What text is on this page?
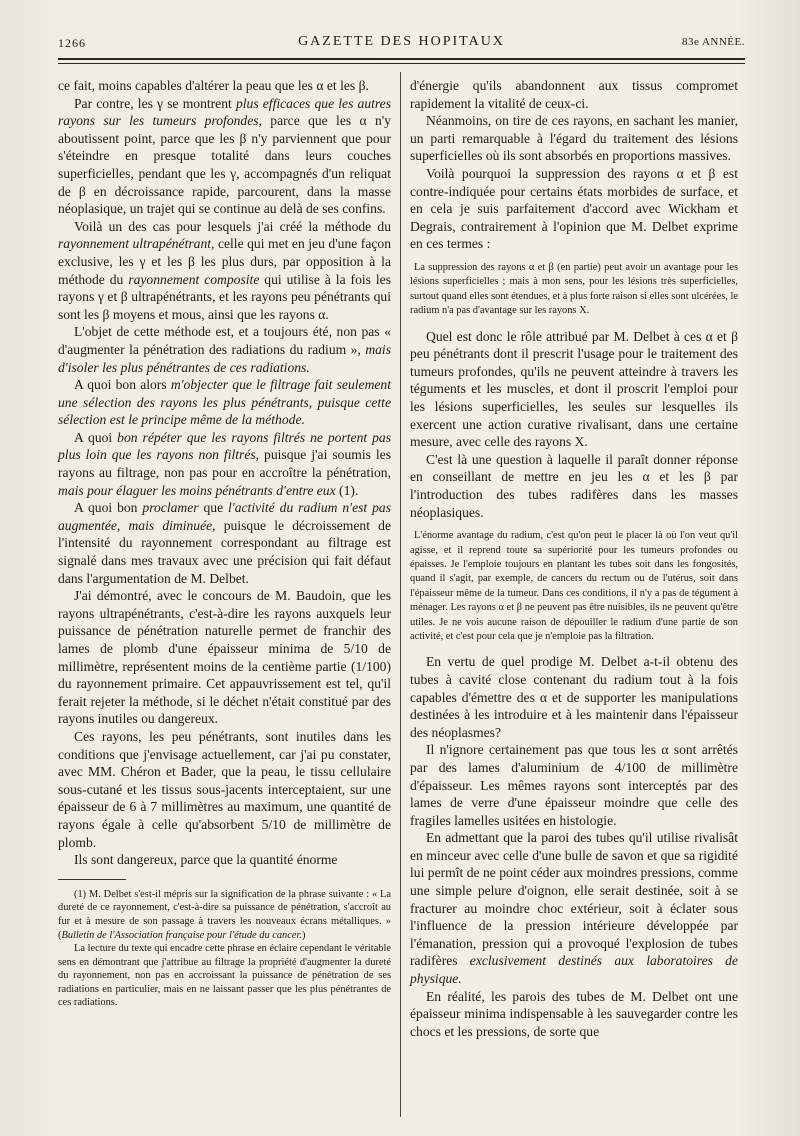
1266	GAZETTE DES HOPITAUX	83e ANNÉE.

ce fait, moins capables d'altérer la peau que les α et les β.

Par contre, les γ se montrent plus efficaces que les autres rayons sur les tumeurs profondes, parce que les α n'y aboutissent point, parce que les β n'y parviennent que pour s'éteindre en presque totalité dans leurs couches superficielles, pendant que les γ, accompagnés d'un reliquat de β en décroissance rapide, parcourent, dans la masse néoplasique, un trajet qui se continue au delà de ses confins.

Voilà un des cas pour lesquels j'ai créé la méthode du rayonnement ultrapénétrant, celle qui met en jeu d'une façon exclusive, les γ et les β les plus durs, par opposition à la méthode du rayonnement composite qui utilise à la fois les rayons γ et β ultrapénétrants, et les rayons peu pénétrants qui sont les β moyens et mous, ainsi que les rayons α.

L'objet de cette méthode est, et a toujours été, non pas « d'augmenter la pénétration des radiations du radium », mais d'isoler les plus pénétrantes de ces radiations.

A quoi bon alors m'objecter que le filtrage fait seulement une sélection des rayons les plus pénétrants, puisque cette sélection est le principe même de la méthode.

A quoi bon répéter que les rayons filtrés ne portent pas plus loin que les rayons non filtrés, puisque j'ai soumis les rayons au filtrage, non pas pour en accroître la pénétration, mais pour élaguer les moins pénétrants d'entre eux (1).

A quoi bon proclamer que l'activité du radium n'est pas augmentée, mais diminuée, puisque le décroissement de l'intensité du rayonnement correspondant au filtrage est signalé dans mes travaux avec une précision qui fait défaut dans l'argumentation de M. Delbet.

J'ai démontré, avec le concours de M. Baudoin, que les rayons ultrapénétrants, c'est-à-dire les rayons auxquels leur puissance de pénétration naturelle permet de franchir des lames de plomb d'une épaisseur minima de 5/10 de millimètre, représentent moins de la centième partie (1/100) du rayonnement primaire. Cet appauvrissement est tel, qu'il ferait rejeter la méthode, si le déchet n'était constitué par des rayons inutiles ou dangereux.

Ces rayons, les peu pénétrants, sont inutiles dans les conditions que j'envisage actuellement, car j'ai pu constater, avec MM. Chéron et Bader, que la peau, le tissu cellulaire sous-cutané et les tissus sous-jacents interceptaient, sur une épaisseur de 6 à 7 millimètres au maximum, une quantité de rayons égale à celle qu'absorbent 5/10 de millimètre de plomb.

Ils sont dangereux, parce que la quantité énorme

(1) M. Delbet s'est-il mépris sur la signification de la phrase suivante : « La dureté de ce rayonnement, c'est-à-dire sa puissance de pénétration, s'accroît au fur et à mesure de son passage à travers les nouveaux écrans métalliques. » (Bulletin de l'Association française pour l'étude du cancer.)

La lecture du texte qui encadre cette phrase en éclaire cependant le véritable sens en démontrant que j'attribue au filtrage la propriété d'augmenter la dureté du rayonnement, non pas en accroissant la puissance de pénétration de ses radiations en particulier, mais en ne laissant passer que les plus pénétrantes de ces radiations.

d'énergie qu'ils abandonnent aux tissus compromet rapidement la vitalité de ceux-ci.

Néanmoins, on tire de ces rayons, en sachant les manier, un parti remarquable à l'égard du traitement des lésions superficielles où ils sont absorbés en proportions massives.

Voilà pourquoi la suppression des rayons α et β est contre-indiquée pour certains états morbides de surface, et en cela je suis parfaitement d'accord avec Wickham et Degrais, contrairement à l'opinion que M. Delbet exprime en ces termes :

La suppression des rayons α et β (en partie) peut avoir un avantage pour les lésions superficielles ; mais à mon sens, pour les lésions très superficielles, surtout quand elles sont étendues, et à plus forte raison si elles sont ulcérées, le radium n'a pas d'avantage sur les rayons X.

Quel est donc le rôle attribué par M. Delbet à ces α et β peu pénétrants dont il prescrit l'usage pour le traitement des tumeurs profondes, qu'ils ne peuvent atteindre à travers les téguments et les muscles, et dont il proscrit l'emploi pour les lésions superficielles, les seules sur lesquelles ils exercent une action curative rivalisant, dans une certaine mesure, avec celle des rayons X.

C'est là une question à laquelle il paraît donner réponse en conseillant de mettre en jeu les α et les β par l'introduction des tubes radifères dans les masses néoplasiques.

L'énorme avantage du radium, c'est qu'on peut le placer là où l'on veut qu'il agisse, et il reprend toute sa supériorité pour les tumeurs profondes ou épaisses. Je l'emploie toujours en plantant les tubes soit dans les fongosités, quand il s'agit, par exemple, de cancers du rectum ou de l'utérus, soit dans l'épaisseur même de la tumeur. Dans ces conditions, il n'y a pas de tégument à ménager. Les rayons α et β ne peuvent pas être nuisibles, ils ne peuvent qu'être utiles. Je ne vois aucune raison de dépouiller le radium d'une partie de son activité, et c'est pour cela que je n'emploie pas la filtration.

En vertu de quel prodige M. Delbet a-t-il obtenu des tubes à cavité close contenant du radium tout à la fois capables d'émettre des α et de supporter les manipulations destinées à les introduire et à les maintenir dans l'épaisseur des néoplasmes?

Il n'ignore certainement pas que tous les α sont arrêtés par des lames d'aluminium de 4/100 de millimètre d'épaisseur. Les mêmes rayons sont interceptés par des lames de verre d'une épaisseur moindre que celle des fragiles lamelles usitées en histologie.

En admettant que la paroi des tubes qu'il utilise rivalisât en minceur avec celle d'une bulle de savon et que sa rigidité lui permît de ne point céder aux moindres pressions, comme une simple pelure d'oignon, elle serait destinée, soit à se fracturer au moindre choc extérieur, soit à éclater sous l'influence de la pression intérieure développée par l'émanation, pression qui a provoqué l'explosion de tubes radifères exclusivement destinés aux laboratoires de physique.

En réalité, les parois des tubes de M. Delbet ont une épaisseur minima indispensable à les sauvegarder contre les chocs et les pressions, de sorte que
